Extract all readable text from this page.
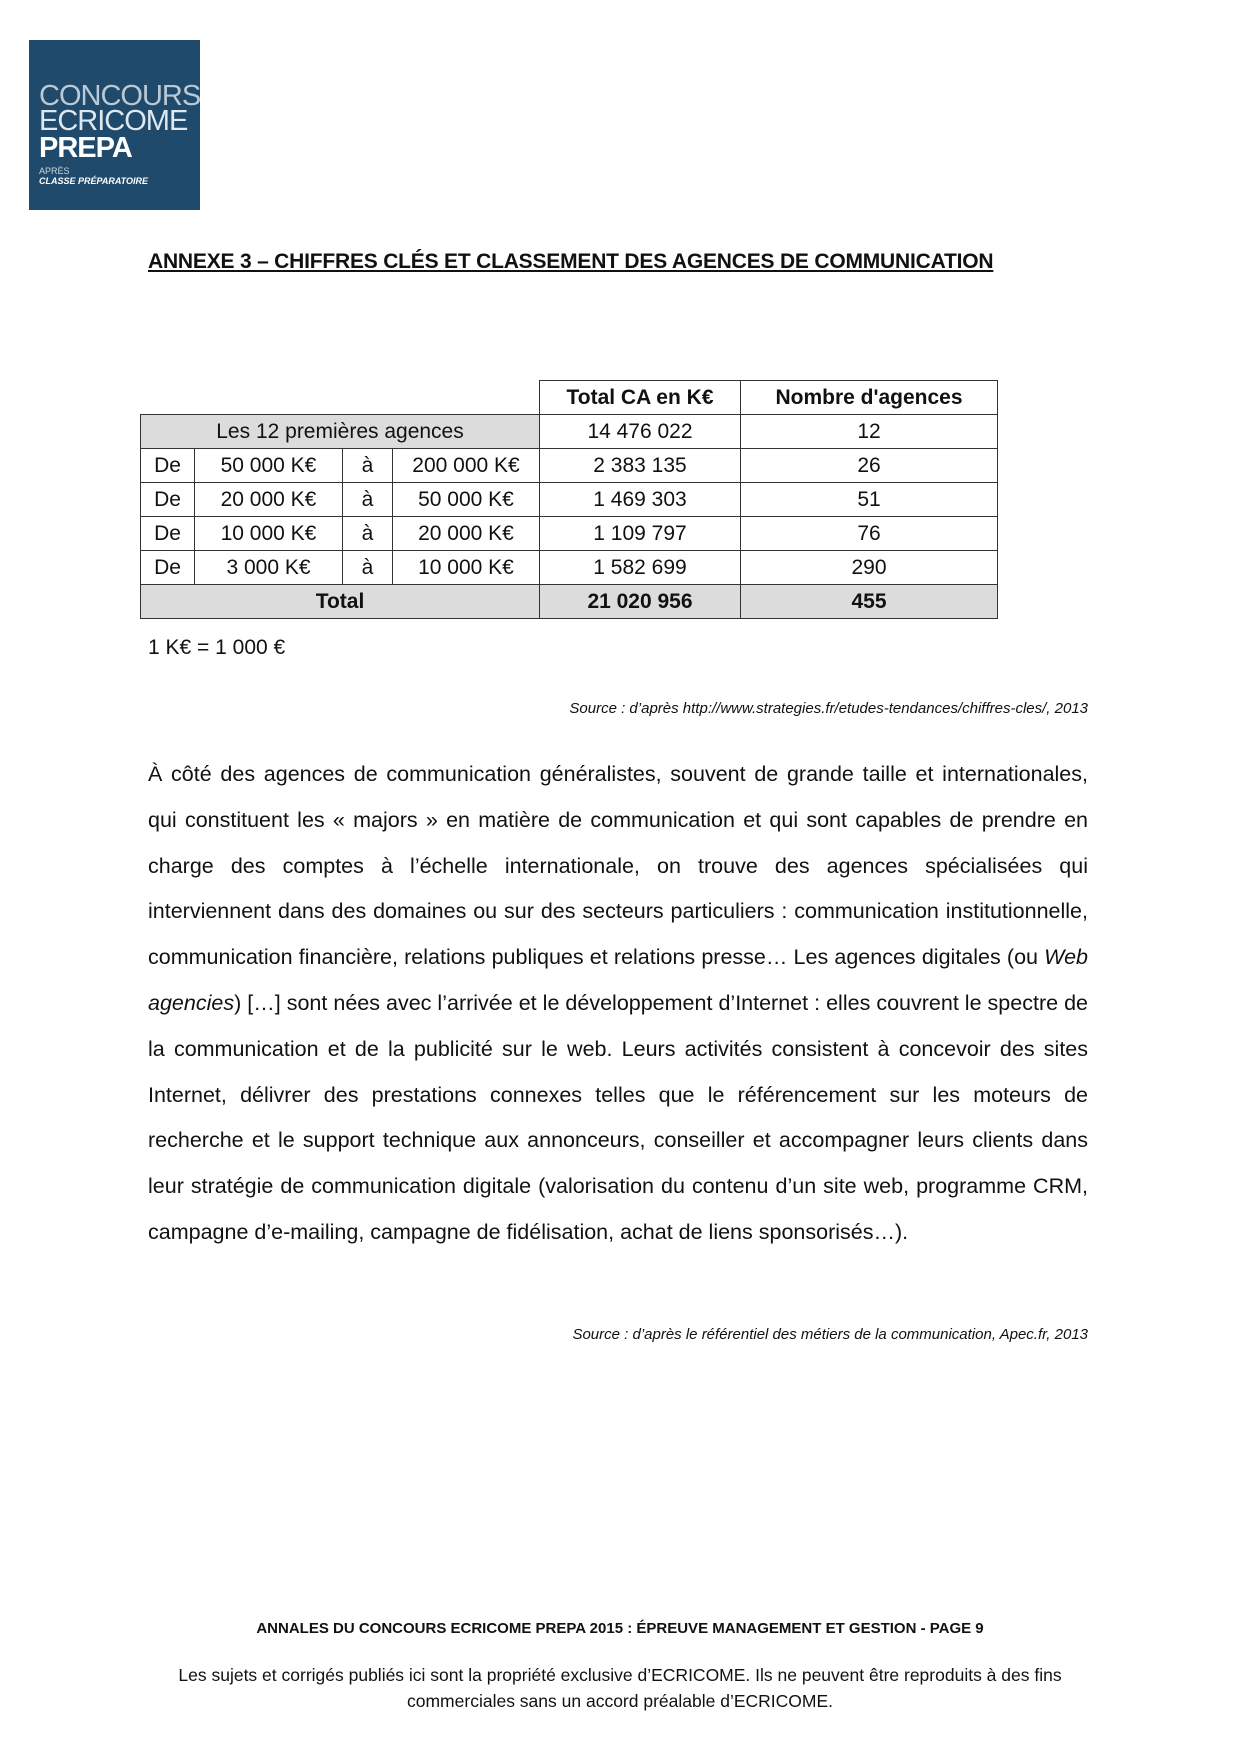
CONCOURS
ECRICOME
PREPA
APRÈS
CLASSE PRÉPARATOIRE
ANNEXE 3 – CHIFFRES CLÉS ET CLASSEMENT DES AGENCES DE COMMUNICATION
				Total CA en K€	Nombre d'agences
Les 12 premières agences				14 476 022	12
De	50 000 K€	à	200 000 K€	2 383 135	26
De	20 000 K€	à	50 000 K€	1 469 303	51
De	10 000 K€	à	20 000 K€	1 109 797	76
De	3 000 K€	à	10 000 K€	1 582 699	290
Total				21 020 956	455
1 K€ = 1 000 €
Source : d’après http://www.strategies.fr/etudes-tendances/chiffres-cles/, 2013

À côté des agences de communication généralistes, souvent de grande taille et internationales, qui constituent les « majors » en matière de communication et qui sont capables de prendre en charge des comptes à l’échelle internationale, on trouve des agences spécialisées qui interviennent dans des domaines ou sur des secteurs particuliers : communication institutionnelle, communication financière, relations publiques et relations presse… Les agences digitales (ou Web agencies) […] sont nées avec l’arrivée et le développement d’Internet : elles couvrent le spectre de la communication et de la publicité sur le web. Leurs activités consistent à concevoir des sites Internet, délivrer des prestations connexes telles que le référencement sur les moteurs de recherche et le support technique aux annonceurs, conseiller et accompagner leurs clients dans leur stratégie de communication digitale (valorisation du contenu d’un site web, programme CRM, campagne d’e-mailing, campagne de fidélisation, achat de liens sponsorisés…).

Source : d’après le référentiel des métiers de la communication, Apec.fr, 2013
ANNALES DU CONCOURS ECRICOME PREPA 2015 : ÉPREUVE MANAGEMENT ET GESTION - PAGE 9
Les sujets et corrigés publiés ici sont la propriété exclusive d’ECRICOME. Ils ne peuvent être reproduits à des fins commerciales sans un accord préalable d’ECRICOME.
